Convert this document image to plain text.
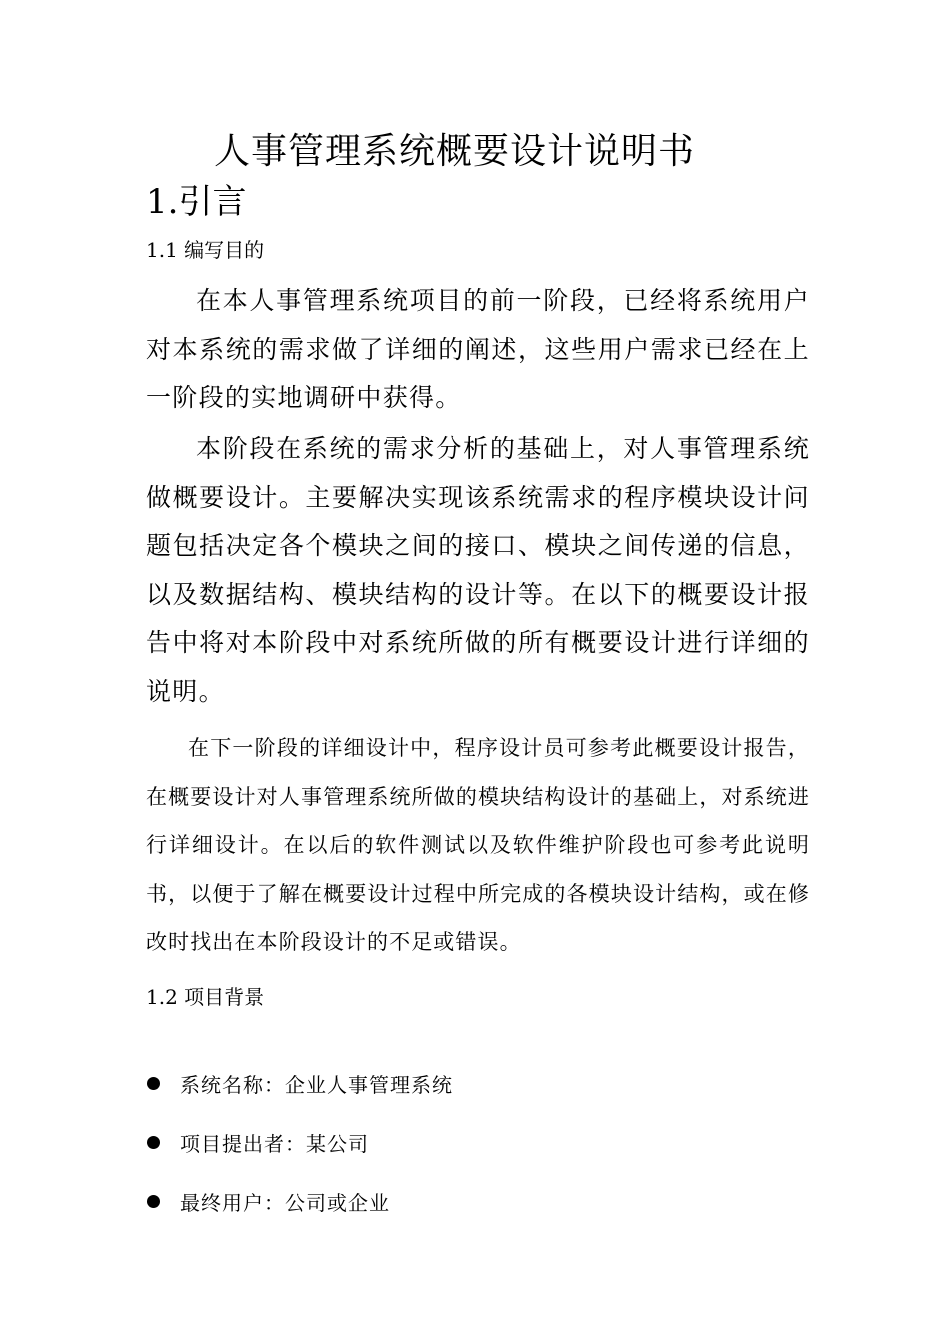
人事管理系统概要设计说明书
1.引言
1.1 编写目的

在本人事管理系统项目的前一阶段，已经将系统用户对本系统的需求做了详细的阐述，这些用户需求已经在上一阶段的实地调研中获得。

本阶段在系统的需求分析的基础上，对人事管理系统做概要设计。主要解决实现该系统需求的程序模块设计问题包括决定各个模块之间的接口、模块之间传递的信息，以及数据结构、模块结构的设计等。在以下的概要设计报告中将对本阶段中对系统所做的所有概要设计进行详细的说明。

在下一阶段的详细设计中，程序设计员可参考此概要设计报告，在概要设计对人事管理系统所做的模块结构设计的基础上，对系统进行详细设计。在以后的软件测试以及软件维护阶段也可参考此说明书，以便于了解在概要设计过程中所完成的各模块设计结构，或在修改时找出在本阶段设计的不足或错误。

1.2 项目背景
系统名称：企业人事管理系统
项目提出者：某公司
最终用户：公司或企业
